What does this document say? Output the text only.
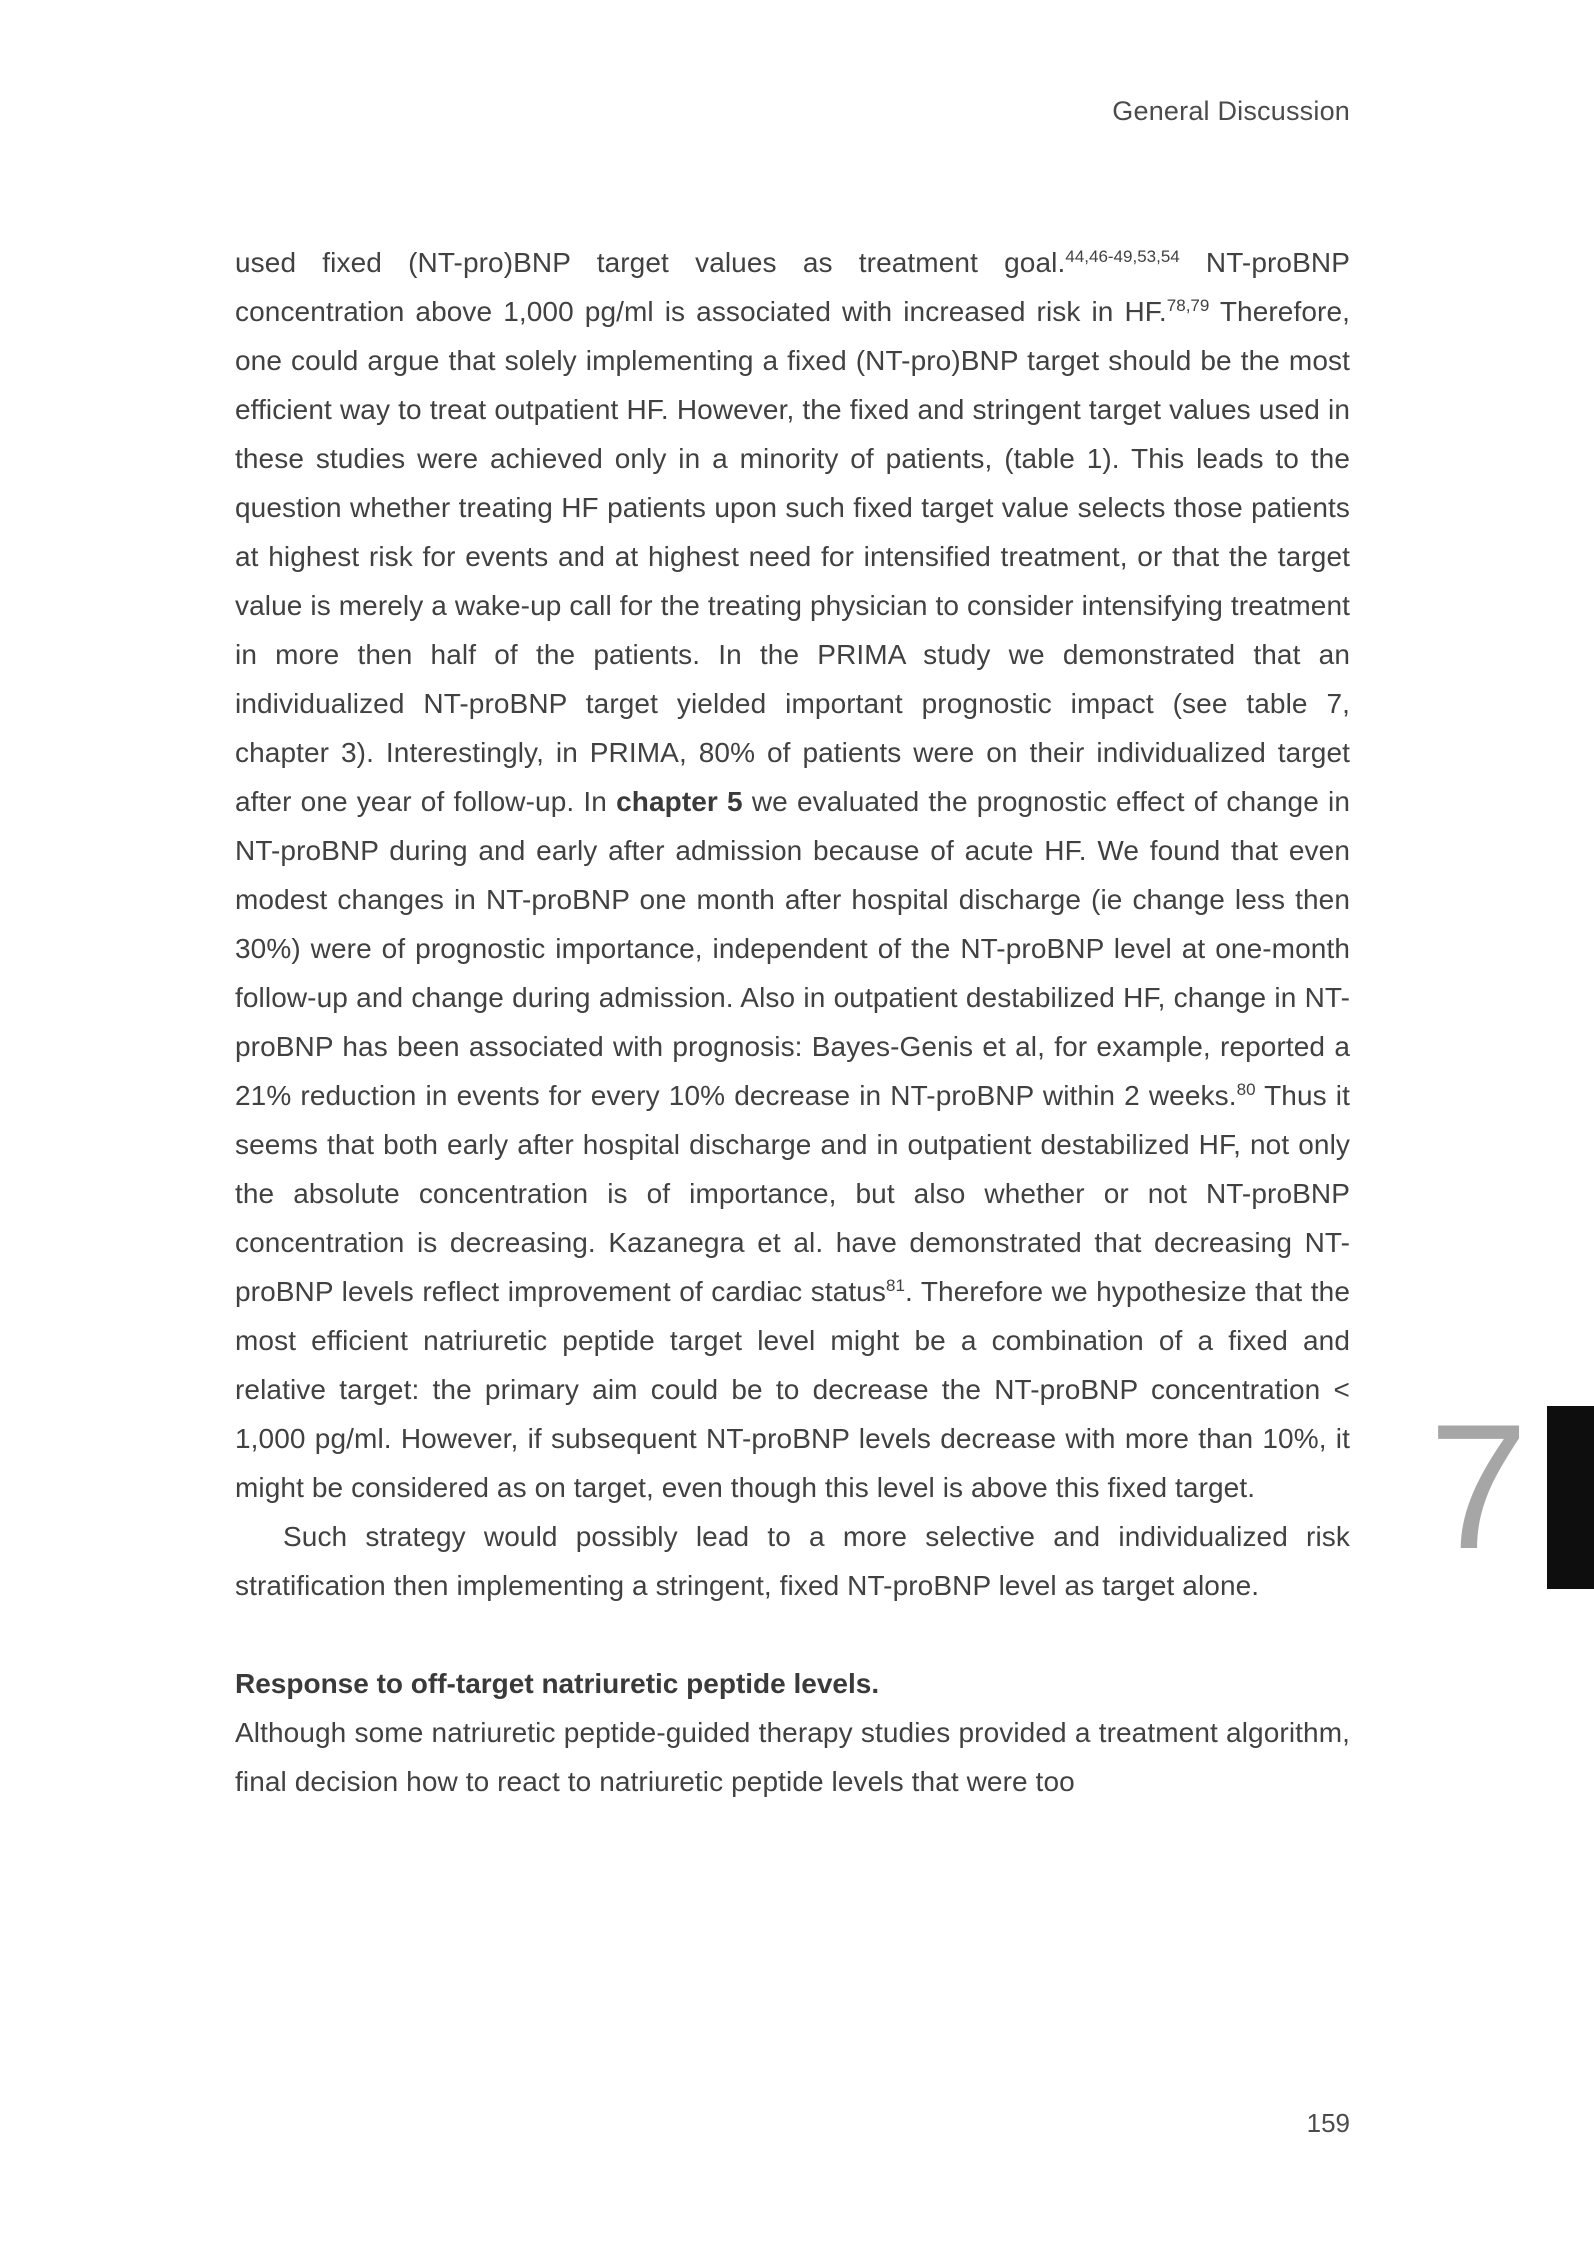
General Discussion

used fixed (NT-pro)BNP target values as treatment goal.$^{44,46-49,53,54}$ NT-proBNP concentration above 1,000 pg/ml is associated with increased risk in HF.$^{78,79}$ Therefore, one could argue that solely implementing a fixed (NT-pro)BNP target should be the most efficient way to treat outpatient HF. However, the fixed and stringent target values used in these studies were achieved only in a minority of patients, (table 1). This leads to the question whether treating HF patients upon such fixed target value selects those patients at highest risk for events and at highest need for intensified treatment, or that the target value is merely a wake-up call for the treating physician to consider intensifying treatment in more then half of the patients. In the PRIMA study we demonstrated that an individualized NT-proBNP target yielded important prognostic impact (see table 7, chapter 3). Interestingly, in PRIMA, 80% of patients were on their individualized target after one year of follow-up. In chapter 5 we evaluated the prognostic effect of change in NT-proBNP during and early after admission because of acute HF. We found that even modest changes in NT-proBNP one month after hospital discharge (ie change less then 30%) were of prognostic importance, independent of the NT-proBNP level at one-month follow-up and change during admission. Also in outpatient destabilized HF, change in NT-proBNP has been associated with prognosis: Bayes-Genis et al, for example, reported a 21% reduction in events for every 10% decrease in NT-proBNP within 2 weeks.$^{80}$ Thus it seems that both early after hospital discharge and in outpatient destabilized HF, not only the absolute concentration is of importance, but also whether or not NT-proBNP concentration is decreasing. Kazanegra et al. have demonstrated that decreasing NT-proBNP levels reflect improvement of cardiac status$^{81}$. Therefore we hypothesize that the most efficient natriuretic peptide target level might be a combination of a fixed and relative target: the primary aim could be to decrease the NT-proBNP concentration < 1,000 pg/ml. However, if subsequent NT-proBNP levels decrease with more than 10%, it might be considered as on target, even though this level is above this fixed target.

Such strategy would possibly lead to a more selective and individualized risk stratification then implementing a stringent, fixed NT-proBNP level as target alone.

Response to off-target natriuretic peptide levels.

Although some natriuretic peptide-guided therapy studies provided a treatment algorithm, final decision how to react to natriuretic peptide levels that were too

7
159
